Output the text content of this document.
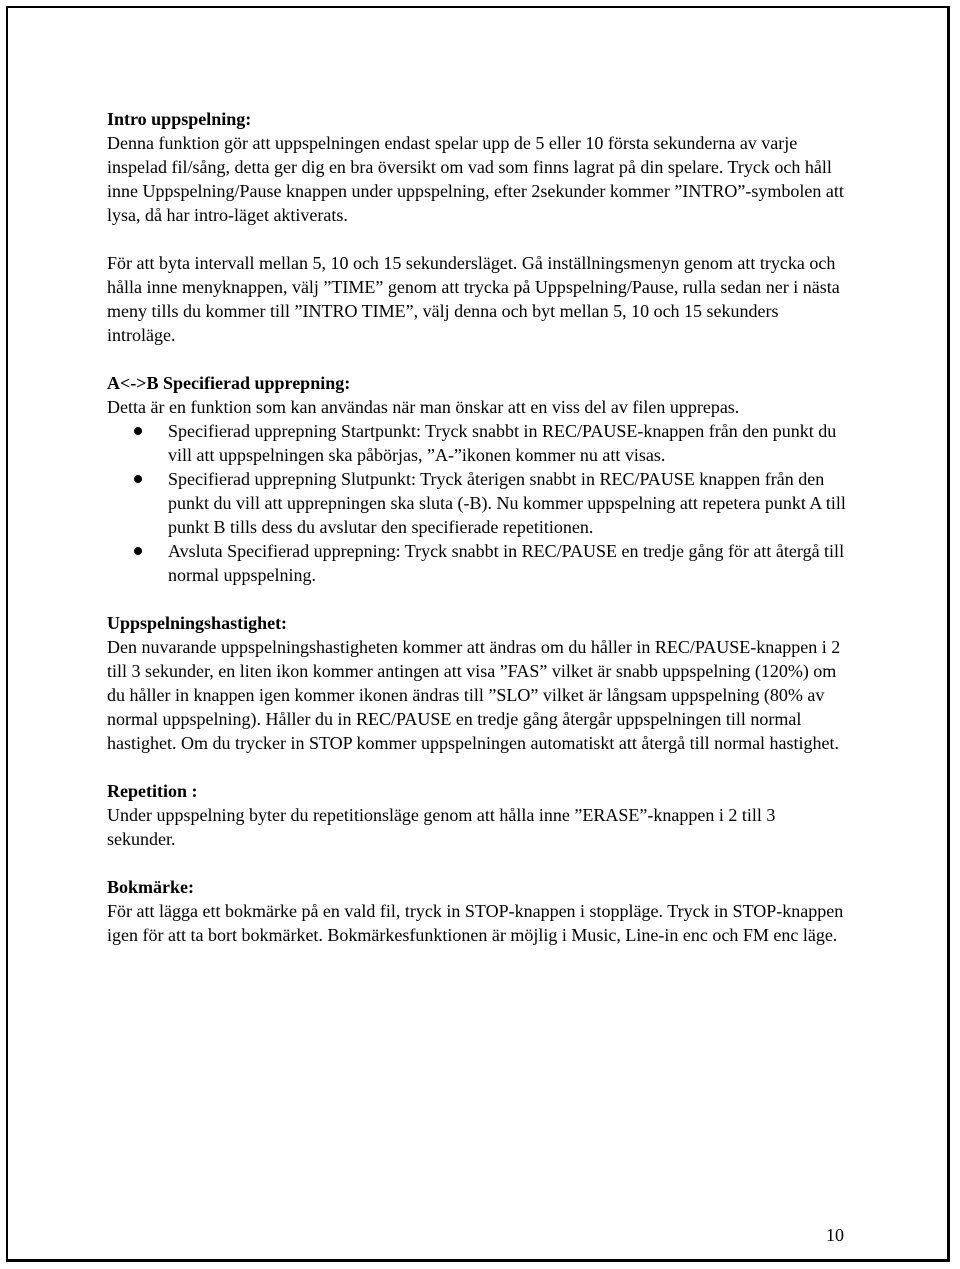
Intro uppspelning:

Denna funktion gör att uppspelningen endast spelar upp de 5 eller 10 första sekunderna av varje inspelad fil/sång, detta ger dig en bra översikt om vad som finns lagrat på din spelare. Tryck och håll inne Uppspelning/Pause knappen under uppspelning, efter 2sekunder kommer ”INTRO”-symbolen att lysa, då har intro-läget aktiverats.

För att byta intervall mellan 5, 10 och 15 sekundersläget. Gå inställningsmenyn genom att trycka och hålla inne menyknappen, välj ”TIME” genom att trycka på Uppspelning/Pause, rulla sedan ner i nästa meny tills du kommer till ”INTRO TIME”, välj denna och byt mellan 5, 10 och 15 sekunders introläge.

A<->B Specifierad upprepning:

Detta är en funktion som kan användas när man önskar att en viss del av filen upprepas.

Specifierad upprepning Startpunkt: Tryck snabbt in REC/PAUSE-knappen från den punkt du vill att uppspelningen ska påbörjas, ”A-”ikonen kommer nu att visas.
Specifierad upprepning Slutpunkt: Tryck återigen snabbt in REC/PAUSE knappen från den punkt du vill att upprepningen ska sluta (-B). Nu kommer uppspelning att repetera punkt A till punkt B tills dess du avslutar den specifierade repetitionen.
Avsluta Specifierad upprepning: Tryck snabbt in REC/PAUSE en tredje gång för att återgå till normal uppspelning.

Uppspelningshastighet:

Den nuvarande uppspelningshastigheten kommer att ändras om du håller in REC/PAUSE-knappen i 2 till 3 sekunder, en liten ikon kommer antingen att visa ”FAS” vilket är snabb uppspelning (120%) om du håller in knappen igen kommer ikonen ändras till ”SLO” vilket är långsam uppspelning (80% av normal uppspelning). Håller du in REC/PAUSE en tredje gång återgår uppspelningen till normal hastighet. Om du trycker in STOP kommer uppspelningen automatiskt att återgå till normal hastighet.

Repetition :

Under uppspelning byter du repetitionsläge genom att hålla inne ”ERASE”-knappen i 2 till 3 sekunder.

Bokmärke:

För att lägga ett bokmärke på en vald fil, tryck in STOP-knappen i stoppläge. Tryck in STOP-knappen igen för att ta bort bokmärket. Bokmärkesfunktionen är möjlig i Music, Line-in enc och FM enc läge.

10
